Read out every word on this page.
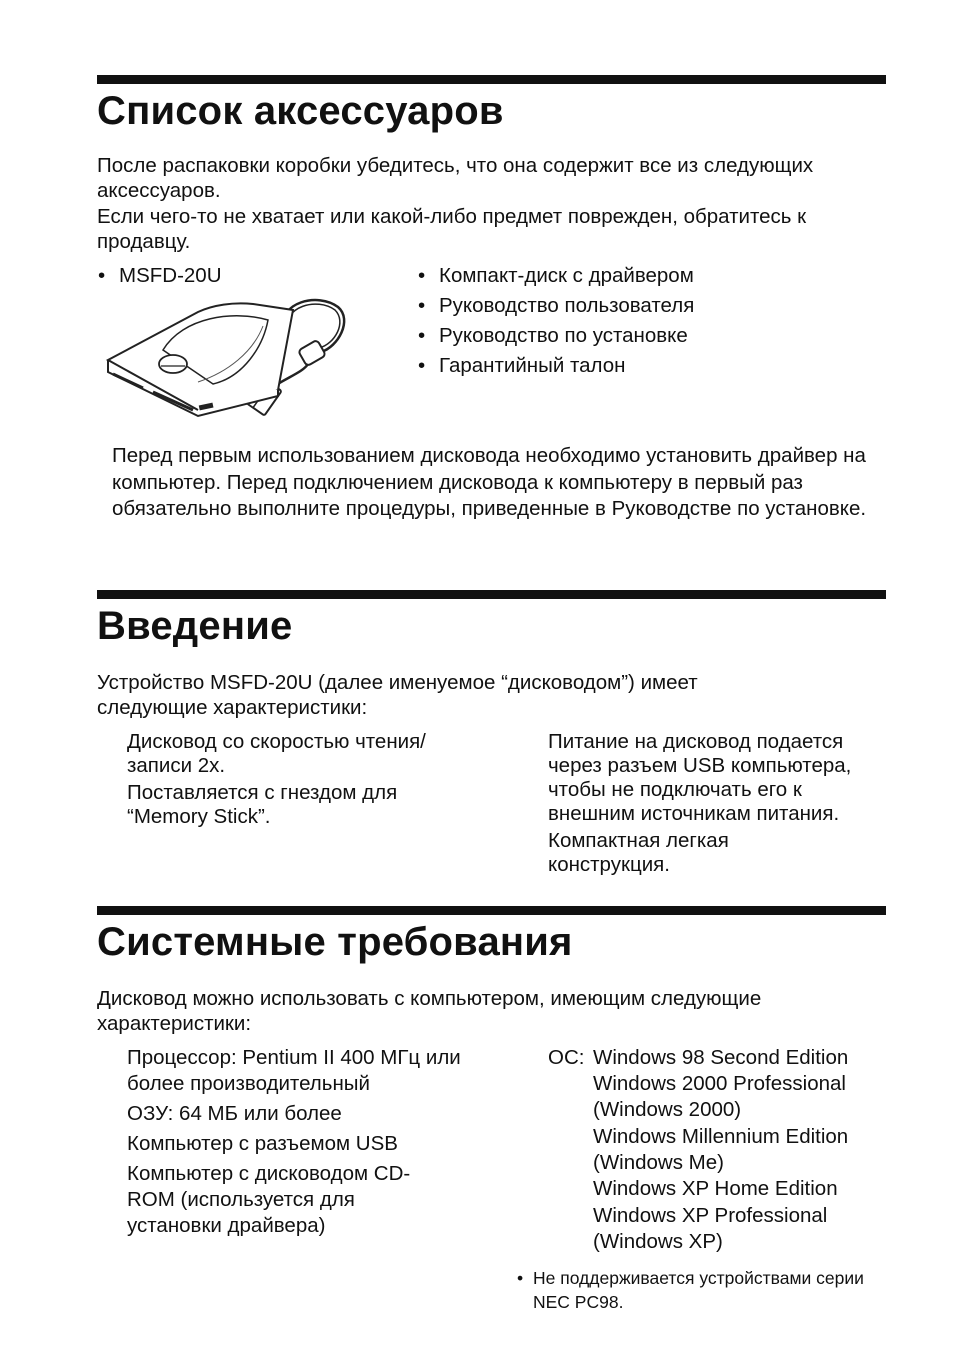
Список аксессуаров

После распаковки коробки убедитесь, что она содержит все из следующих аксессуаров.

Если чего-то не хватает или какой-либо предмет поврежден, обратитесь к продавцу.

• MSFD-20U	• Компакт-диск с драйвером
• Руководство пользователя
• Руководство по установке
• Гарантийный талон

Перед первым использованием дисковода необходимо установить драйвер на компьютер. Перед подключением дисковода к компьютеру в первый раз обязательно выполните процедуры, приведенные в Руководстве по установке.

Введение

Устройство MSFD-20U (далее именуемое “дисководом”) имеет следующие характеристики:

Дисковод со скоростью чтения/ записи 2x.

Поставляется с гнездом для “Memory Stick”.

Питание на дисковод подается через разъем USB компьютера, чтобы не подключать его к внешним источникам питания.

Компактная легкая конструкция.

Системные требования

Дисковод можно использовать с компьютером, имеющим следующие характеристики:

Процессор: Pentium II 400 МГц или более производительный

ОЗУ: 64 МБ или более

Компьютер с разъемом USB

Компьютер с дисководом CD-ROM (используется для установки драйвера)

ОС: Windows 98 Second Edition
Windows 2000 Professional
(Windows 2000)
Windows Millennium Edition
(Windows Me)
Windows XP Home Edition
Windows XP Professional
(Windows XP)
• Не поддерживается устройствами серии NEC PC98.
